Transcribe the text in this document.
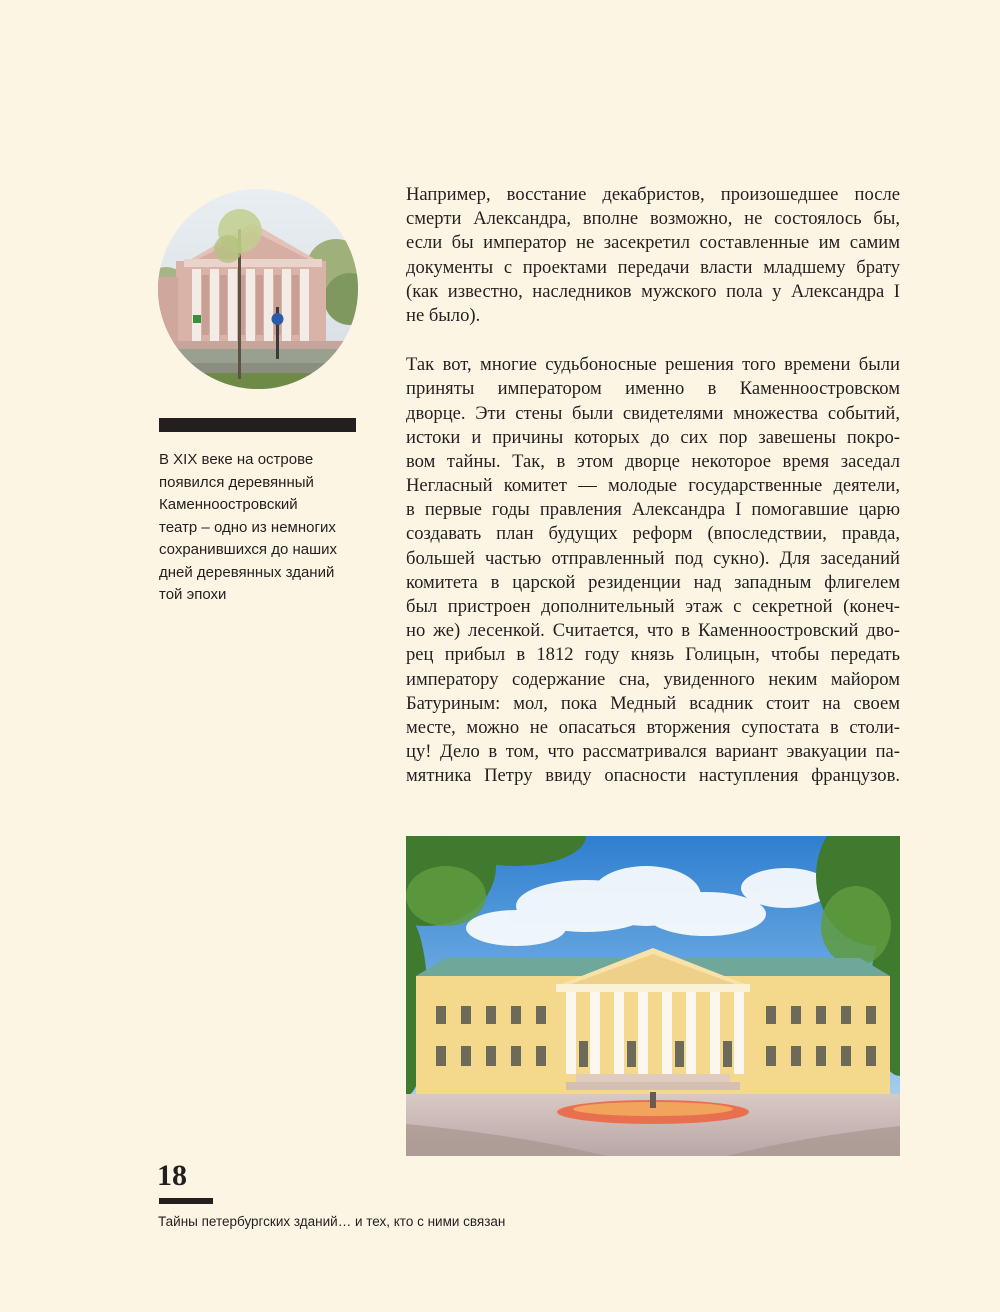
В XIX веке на острове
появился деревянный
Каменноостровский
театр – одно из немногих
сохранившихся до наших
дней деревянных зданий
той эпохи
Например, восстание декабристов, произошедшее после
смерти Александра, вполне возможно, не состоялось бы,
если бы император не засекретил составленные им самим
документы с проектами передачи власти младшему брату
(как известно, наследников мужского пола у Александра I
не было).
Так вот, многие судьбоносные решения того времени были
приняты императором именно в Каменноостровском
дворце. Эти стены были свидетелями множества событий,
истоки и причины которых до сих пор завешены покро-
вом тайны. Так, в этом дворце некоторое время заседал
Негласный комитет — молодые государственные деятели,
в первые годы правления Александра I помогавшие царю
создавать план будущих реформ (впоследствии, правда,
большей частью отправленный под сукно). Для заседаний
комитета в царской резиденции над западным флигелем
был пристроен дополнительный этаж с секретной (конеч-
но же) лесенкой. Считается, что в Каменноостровский дво-
рец прибыл в 1812 году князь Голицын, чтобы передать
императору содержание сна, увиденного неким майором
Батуриным: мол, пока Медный всадник стоит на своем
месте, можно не опасаться вторжения супостата в столи-
цу! Дело в том, что рассматривался вариант эвакуации па-
мятника Петру ввиду опасности наступления французов.
18
Тайны петербургских зданий… и тех, кто с ними связан
